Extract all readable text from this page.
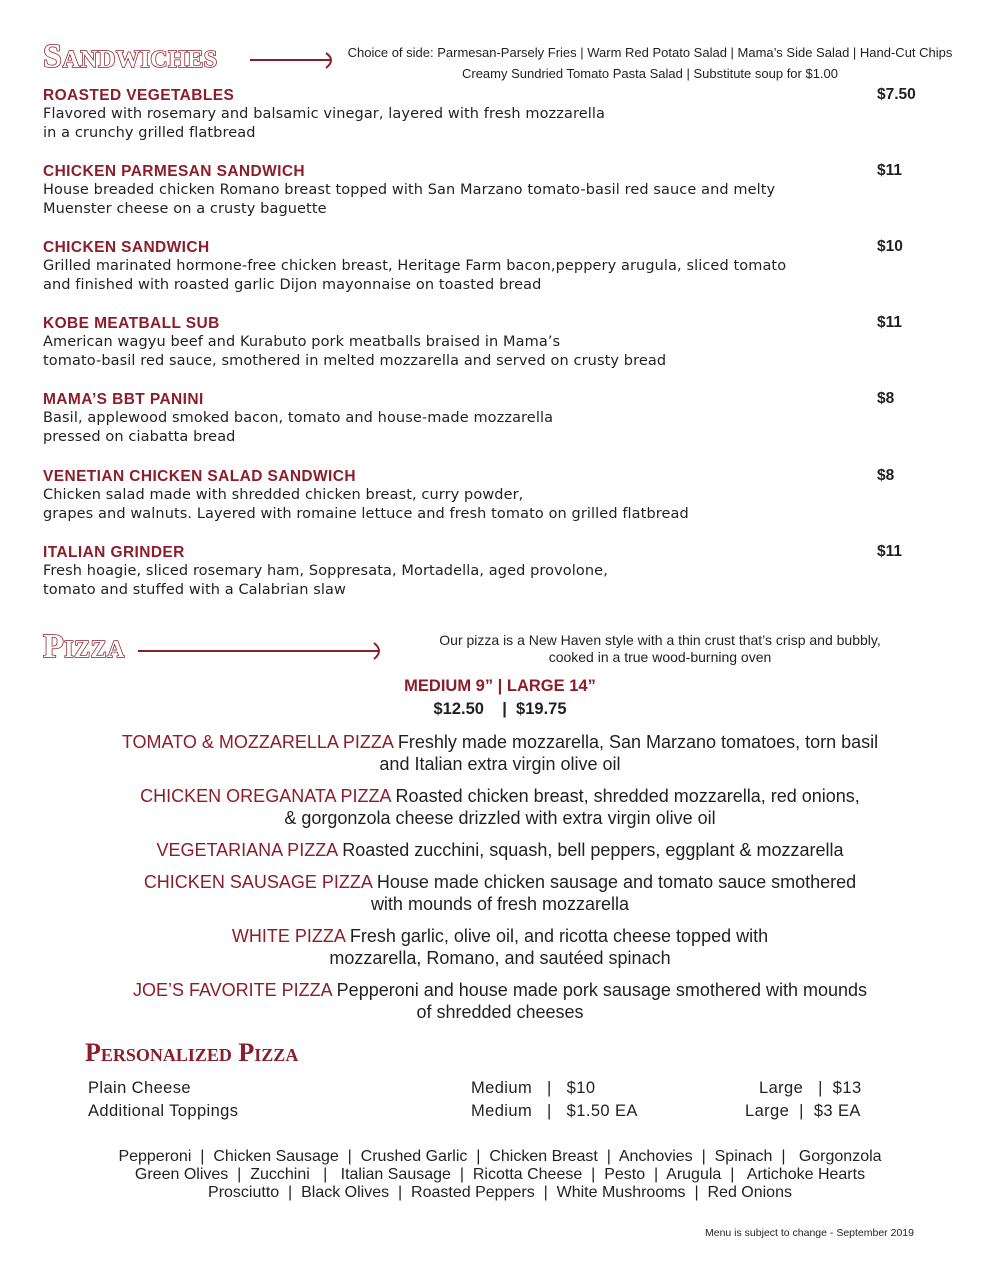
Sandwiches	Choice of side: Parmesan-Parsely Fries | Warm Red Potato Salad | Mama’s Side Salad | Hand-Cut Chips
Creamy Sundried Tomato Pasta Salad | Substitute soup for $1.00
ROASTED VEGETABLES
Flavored with rosemary and balsamic vinegar, layered with fresh mozzarella
in a crunchy grilled flatbread
$7.50
CHICKEN PARMESAN SANDWICH
House breaded chicken Romano breast topped with San Marzano tomato-basil red sauce and melty
Muenster cheese on a crusty baguette
$11
CHICKEN SANDWICH
Grilled marinated hormone-free chicken breast, Heritage Farm bacon,peppery arugula, sliced tomato
and finished with roasted garlic Dijon mayonnaise on toasted bread
$10
KOBE MEATBALL SUB
American wagyu beef and Kurabuto pork meatballs braised in Mama’s
tomato-basil red sauce, smothered in melted mozzarella and served on crusty bread
$11
MAMA’S BBT PANINI
Basil, applewood smoked bacon, tomato and house-made mozzarella
pressed on ciabatta bread
$8
VENETIAN CHICKEN SALAD SANDWICH
Chicken salad made with shredded chicken breast, curry powder,
grapes and walnuts. Layered with romaine lettuce and fresh tomato on grilled flatbread
$8
ITALIAN GRINDER
Fresh hoagie, sliced rosemary ham, Soppresata, Mortadella, aged provolone,
tomato and stuffed with a Calabrian slaw
$11
Pizza	Our pizza is a New Haven style with a thin crust that’s crisp and bubbly,
cooked in a true wood-burning oven
MEDIUM 9” | LARGE 14”
$12.50    |  $19.75
TOMATO & MOZZARELLA PIZZA Freshly made mozzarella, San Marzano tomatoes, torn basil
and Italian extra virgin olive oil
CHICKEN OREGANATA PIZZA Roasted chicken breast, shredded mozzarella, red onions,
& gorgonzola cheese drizzled with extra virgin olive oil
VEGETARIANA PIZZA Roasted zucchini, squash, bell peppers, eggplant & mozzarella
CHICKEN SAUSAGE PIZZA House made chicken sausage and tomato sauce smothered
with mounds of fresh mozzarella
WHITE PIZZA Fresh garlic, olive oil, and ricotta cheese topped with
mozzarella, Romano, and sautéed spinach
JOE’S FAVORITE PIZZA Pepperoni and house made pork sausage smothered with mounds
of shredded cheeses
Personalized Pizza
Plain Cheese	Medium   |   $10	Large   |  $13
Additional Toppings	Medium   |   $1.50 EA	Large  |  $3 EA
Pepperoni  |  Chicken Sausage  |  Crushed Garlic  |  Chicken Breast  |  Anchovies  |  Spinach  |   Gorgonzola
Green Olives  |  Zucchini   |   Italian Sausage  |  Ricotta Cheese  |  Pesto  |  Arugula  |   Artichoke Hearts
Prosciutto  |  Black Olives  |  Roasted Peppers  |  White Mushrooms  |  Red Onions
Menu is subject to change - September 2019
